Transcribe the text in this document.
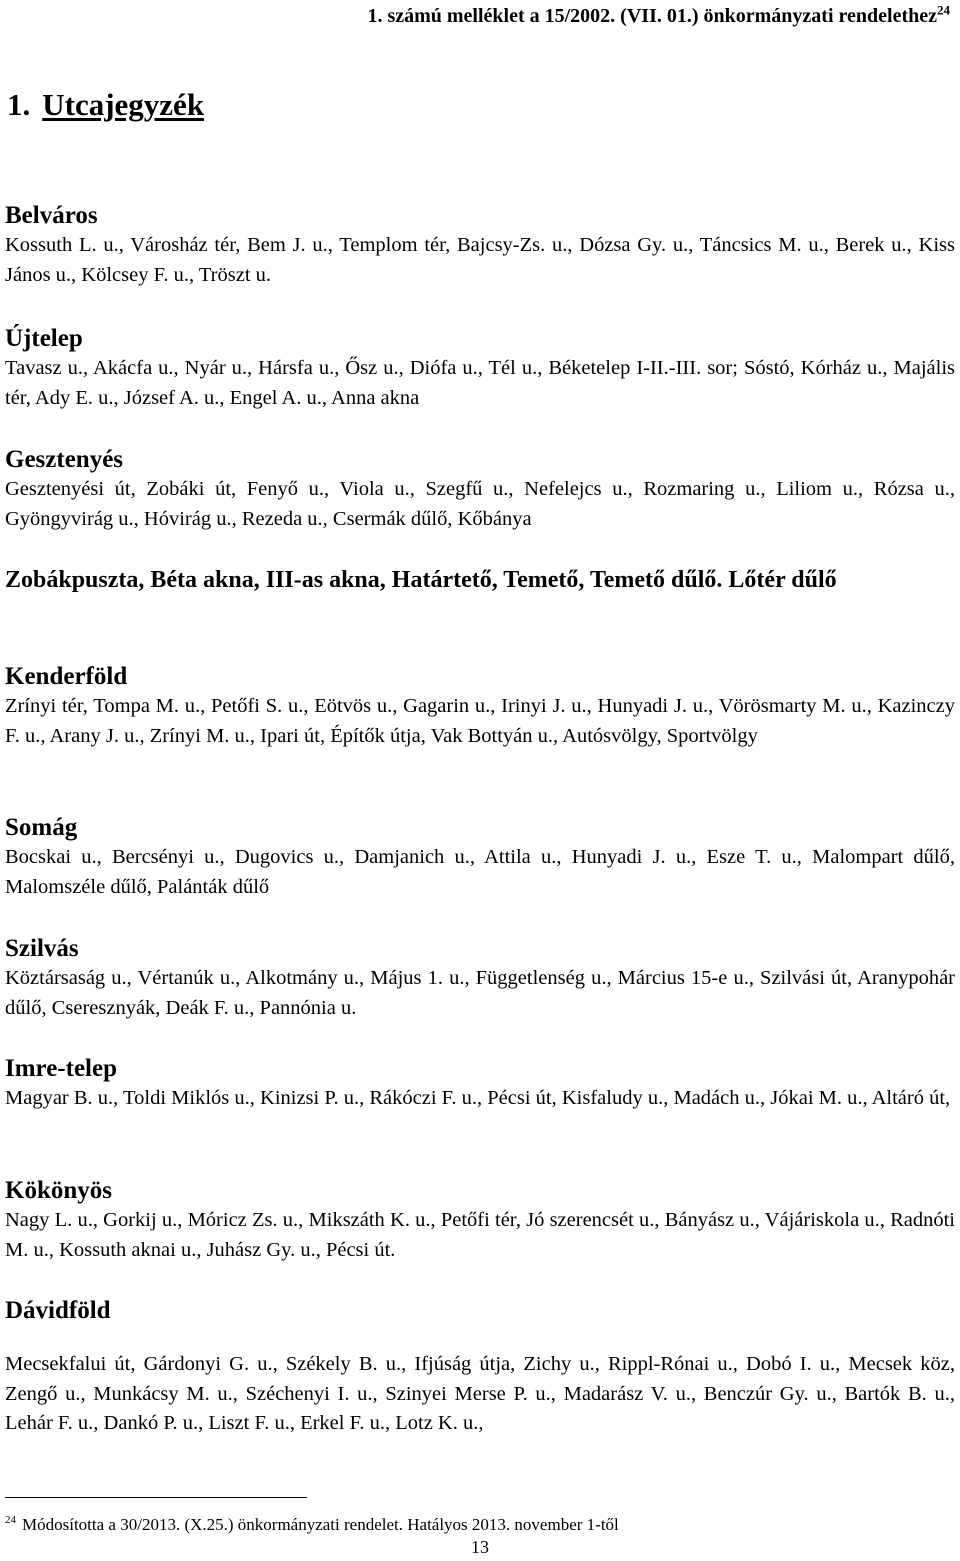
1. számú melléklet a 15/2002. (VII. 01.) önkormányzati rendelethez$^{24}$
1. Utcajegyzék
Belváros

Kossuth L. u., Városház tér, Bem J. u., Templom tér, Bajcsy-Zs. u., Dózsa Gy. u., Táncsics M. u., Berek u., Kiss János u., Kölcsey F. u., Tröszt u.

Újtelep

Tavasz u., Akácfa u., Nyár u., Hársfa u., Ősz u., Diófa u., Tél u., Béketelep I-II.-III. sor; Sóstó, Kórház u., Majális tér, Ady E. u., József A. u., Engel A. u., Anna akna

Gesztenyés

Gesztenyési út, Zobáki út, Fenyő u., Viola u., Szegfű u., Nefelejcs u., Rozmaring u., Liliom u., Rózsa u., Gyöngyvirág u., Hóvirág u., Rezeda u., Csermák dűlő, Kőbánya

Zobákpuszta, Béta akna, III-as akna, Határtető, Temető, Temető dűlő. Lőtér dűlő

Kenderföld

Zrínyi tér, Tompa M. u., Petőfi S. u., Eötvös u., Gagarin u., Irinyi J. u., Hunyadi J. u., Vörösmarty M. u., Kazinczy F. u., Arany J. u., Zrínyi M. u., Ipari út, Építők útja, Vak Bottyán u., Autósvölgy, Sportvölgy

Somág

Bocskai u., Bercsényi u., Dugovics u., Damjanich u., Attila u., Hunyadi J. u., Esze T. u., Malompart dűlő, Malomszéle dűlő, Palánták dűlő

Szilvás

Köztársaság u., Vértanúk u., Alkotmány u., Május 1. u., Függetlenség u., Március 15-e u., Szilvási út, Aranypohár dűlő, Cseresznyák, Deák F. u., Pannónia u.

Imre-telep

Magyar B. u., Toldi Miklós u., Kinizsi P. u., Rákóczi F. u., Pécsi út, Kisfaludy u., Madách u., Jókai M. u., Altáró út,

Kökönyös

Nagy L. u., Gorkij u., Móricz Zs. u., Mikszáth K. u., Petőfi tér, Jó szerencsét u., Bányász u., Vájáriskola u., Radnóti M. u., Kossuth aknai u., Juhász Gy. u., Pécsi út.

Dávidföld

Mecsekfalui út, Gárdonyi G. u., Székely B. u., Ifjúság útja, Zichy u., Rippl-Rónai u., Dobó I. u., Mecsek köz, Zengő u., Munkácsy M. u., Széchenyi I. u., Szinyei Merse P. u., Madarász V. u., Benczúr Gy. u., Bartók B. u., Lehár F. u., Dankó P. u., Liszt F. u., Erkel F. u., Lotz K. u.,

$^{24}$ Módosította a 30/2013. (X.25.) önkormányzati rendelet. Hatályos 2013. november 1-től
13
